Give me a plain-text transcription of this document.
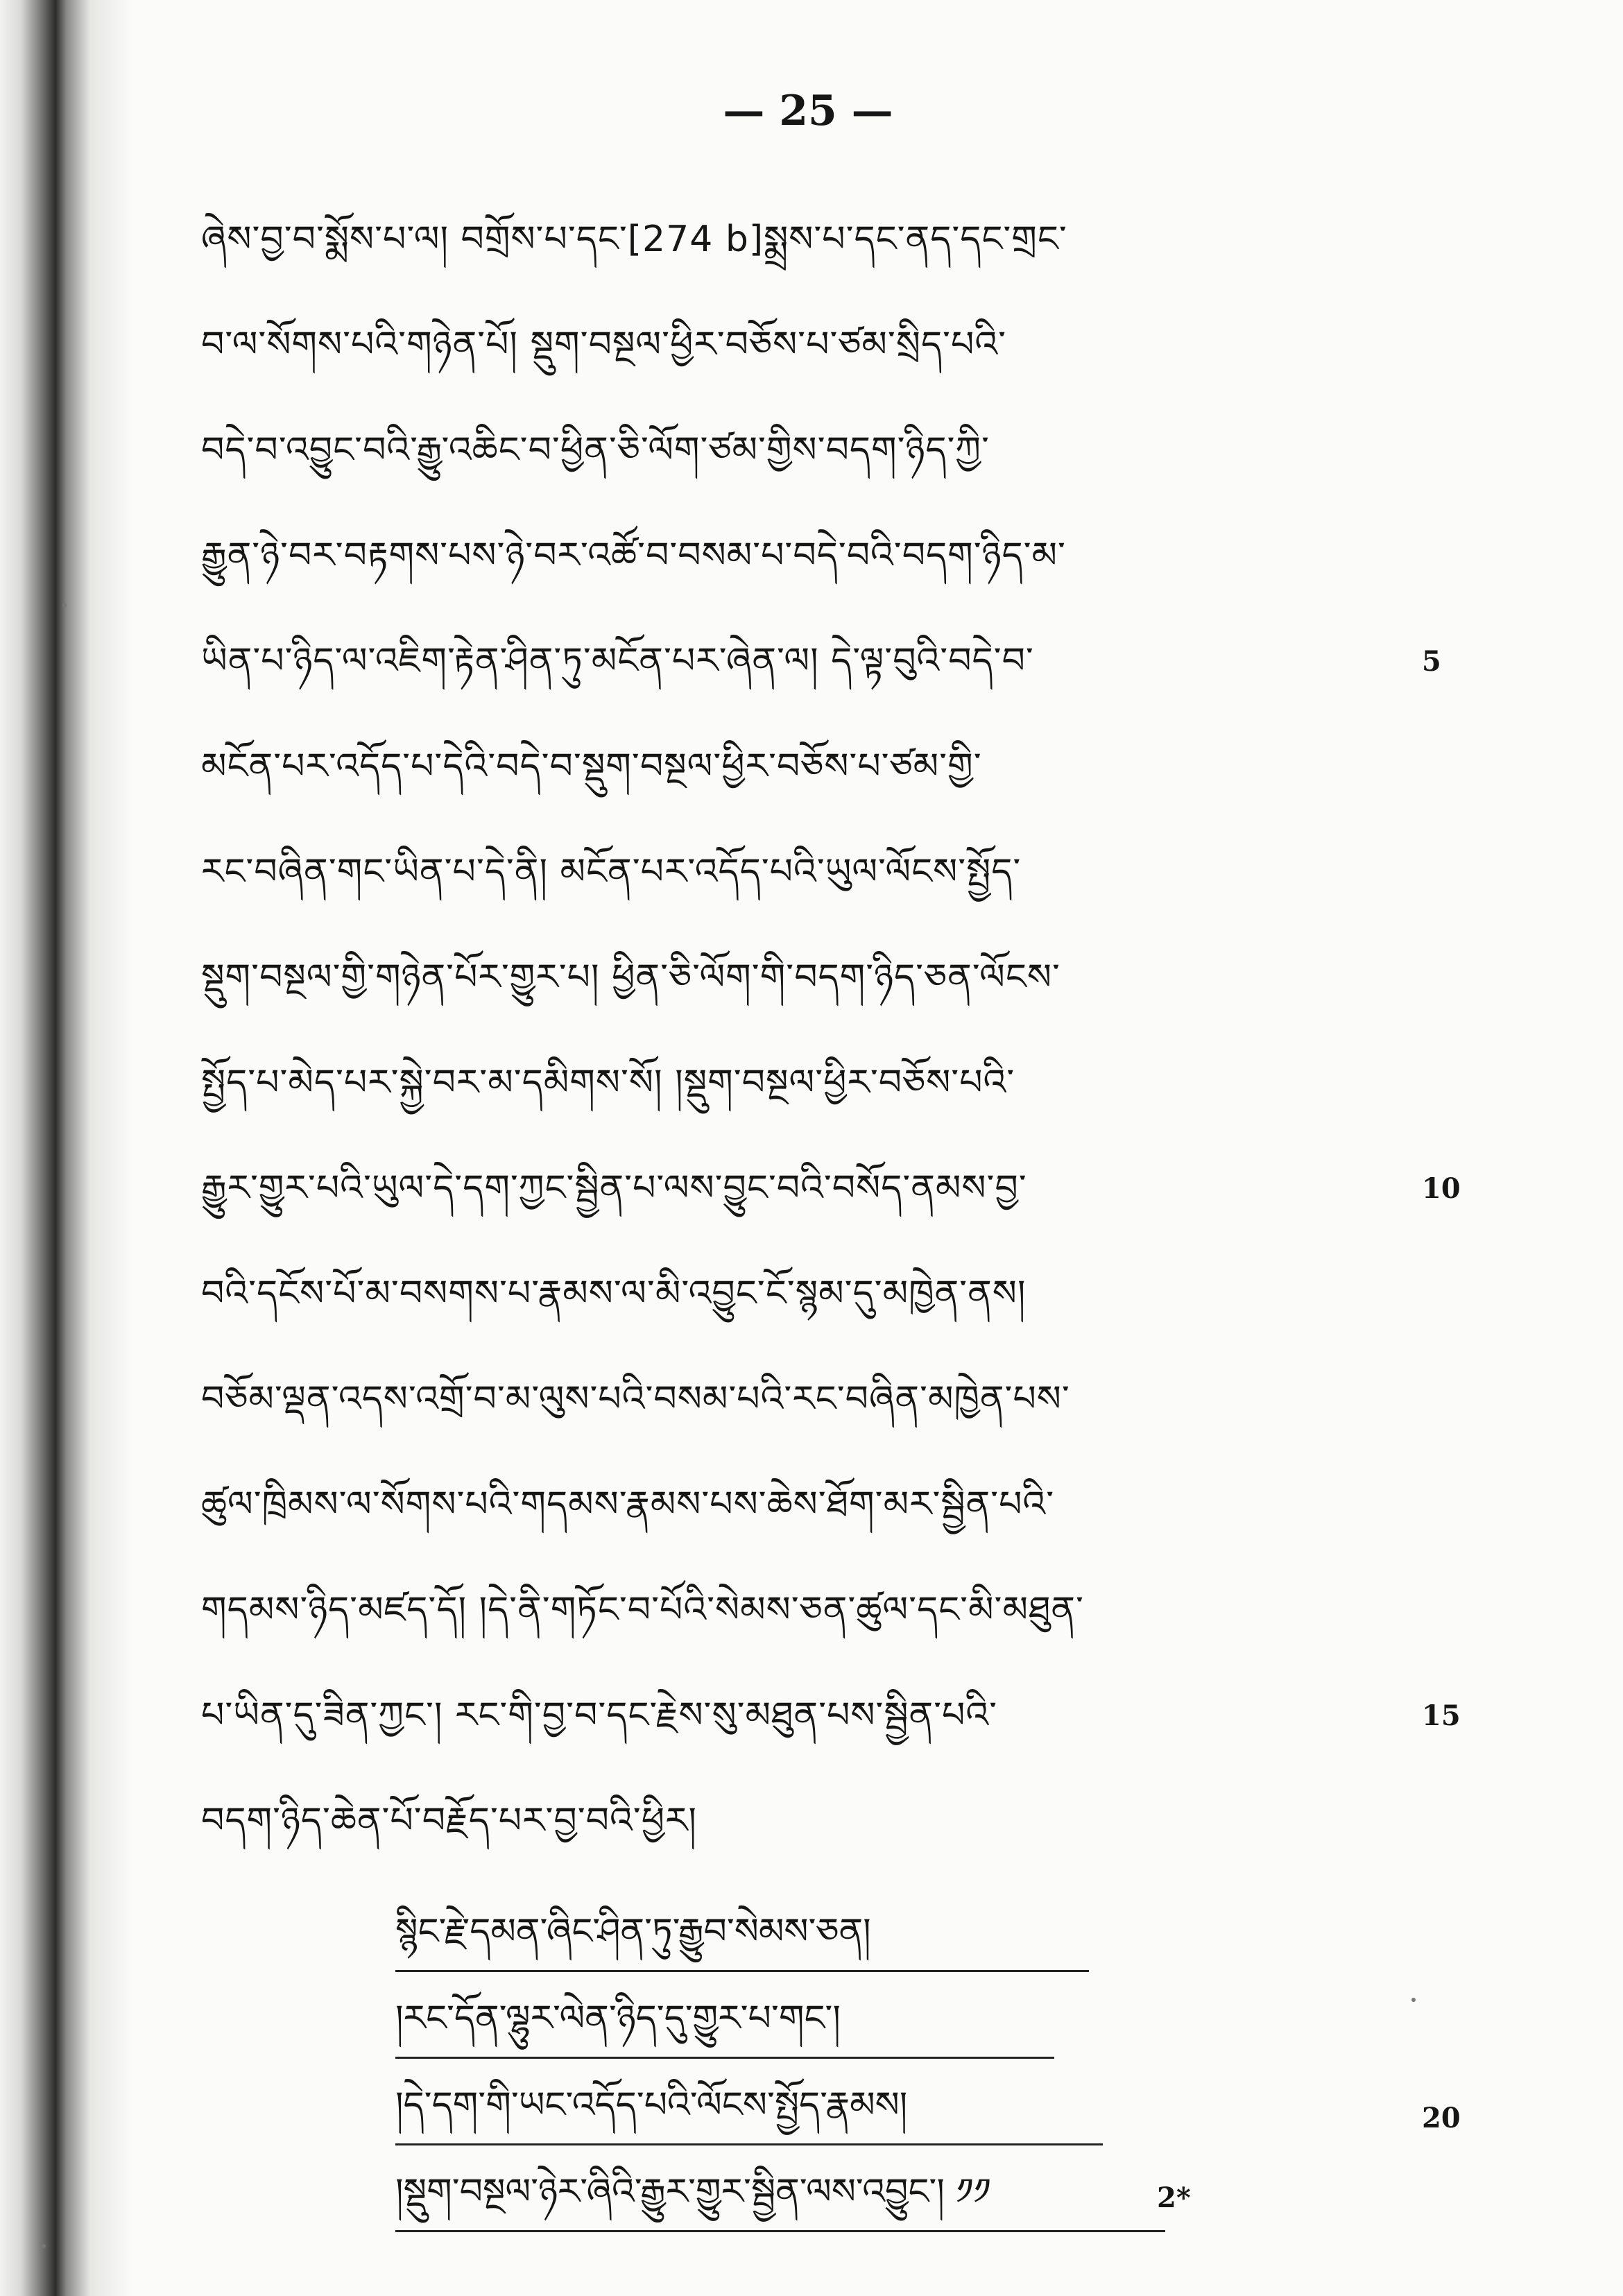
— 25 —
ཞེས་བྱ་བ་སྨོས་པ་ལ། བགྲོས་པ་དང་[274 b]སྨྲས་པ་དང་ནད་དང་གྲང་
བ་ལ་སོགས་པའི་གཉེན་པོ། སྡུག་བསྔལ་ཕྱིར་བཅོས་པ་ཙམ་སྲིད་པའི་
བདེ་བ་འབྱུང་བའི་རྒྱུ་འཆིང་བ་ཕྱིན་ཅི་ལོག་ཙམ་གྱིས་བདག་ཉིད་ཀྱི་
རྒྱུན་ཉེ་བར་བརྟགས་པས་ཉེ་བར་འཚོ་བ་བསམ་པ་བདེ་བའི་བདག་ཉིད་མ་
ཡིན་པ་ཉིད་ལ་འཇིག་རྟེན་ཤིན་ཏུ་མངོན་པར་ཞེན་ལ། དེ་ལྟ་བུའི་བདེ་བ་
མངོན་པར་འདོད་པ་དེའི་བདེ་བ་སྡུག་བསྔལ་ཕྱིར་བཅོས་པ་ཙམ་གྱི་
རང་བཞིན་གང་ཡིན་པ་དེ་ནི། མངོན་པར་འདོད་པའི་ཡུལ་ལོངས་སྤྱོད་
སྡུག་བསྔལ་གྱི་གཉེན་པོར་གྱུར་པ། ཕྱིན་ཅི་ལོག་གི་བདག་ཉིད་ཅན་ལོངས་
སྤྱོད་པ་མེད་པར་སྐྱེ་བར་མ་དམིགས་སོ། །སྡུག་བསྔལ་ཕྱིར་བཅོས་པའི་
རྒྱུར་གྱུར་པའི་ཡུལ་དེ་དག་ཀྱང་སྦྱིན་པ་ལས་བྱུང་བའི་བསོད་ནམས་བྱ་
བའི་དངོས་པོ་མ་བསགས་པ་རྣམས་ལ་མི་འབྱུང་ངོ་སྙམ་དུ་མཁྱེན་ནས།
བཅོམ་ལྡན་འདས་འགྲོ་བ་མ་ལུས་པའི་བསམ་པའི་རང་བཞིན་མཁྱེན་པས་
ཚུལ་ཁྲིམས་ལ་སོགས་པའི་གདམས་རྣམས་པས་ཆེས་ཐོག་མར་སྦྱིན་པའི་
གདམས་ཉིད་མཛད་དོ། །དེ་ནི་གཏོང་བ་པོའི་སེམས་ཅན་ཚུལ་དང་མི་མཐུན་
པ་ཡིན་དུ་ཟིན་ཀྱང་། རང་གི་བྱ་བ་དང་རྗེས་སུ་མཐུན་པས་སྦྱིན་པའི་
བདག་ཉིད་ཆེན་པོ་བརྗོད་པར་བྱ་བའི་ཕྱིར།
5
10
15
20
སྙིང་རྗེ་དམན་ཞིང་ཤིན་ཏུ་རྒྱུབ་སེམས་ཅན།
།རང་དོན་ལྷུར་ལེན་ཉིད་དུ་གྱུར་པ་གང་།
།དེ་དག་གི་ཡང་འདོད་པའི་ལོངས་སྤྱོད་རྣམས།
།སྡུག་བསྔལ་ཉེར་ཞིའི་རྒྱུར་གྱུར་སྦྱིན་ལས་འབྱུང་། ༡༡	2*
